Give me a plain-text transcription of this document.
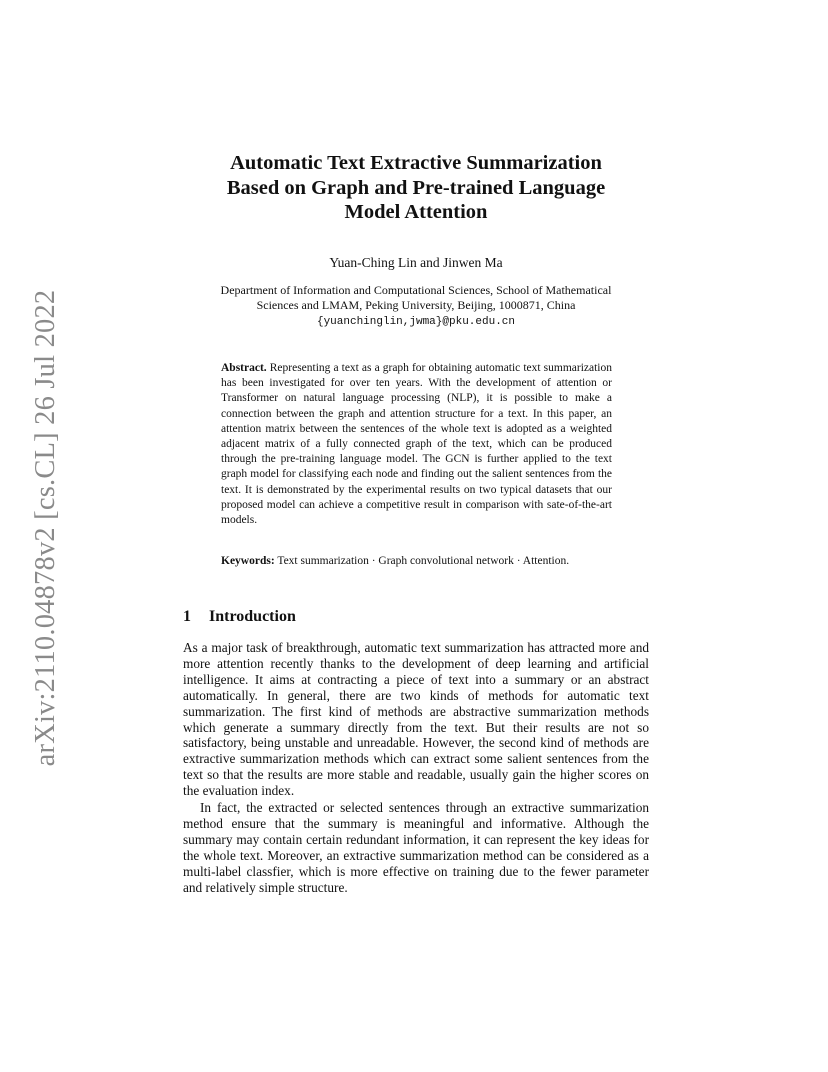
arXiv:2110.04878v2 [cs.CL] 26 Jul 2022
Automatic Text Extractive Summarization
Based on Graph and Pre-trained Language
Model Attention
Yuan-Ching Lin and Jinwen Ma
Department of Information and Computational Sciences, School of Mathematical
Sciences and LMAM, Peking University, Beijing, 1000871, China
{yuanchinglin,jwma}@pku.edu.cn

Abstract. Representing a text as a graph for obtaining automatic text summarization has been investigated for over ten years. With the development of attention or Transformer on natural language processing (NLP), it is possible to make a connection between the graph and attention structure for a text. In this paper, an attention matrix between the sentences of the whole text is adopted as a weighted adjacent matrix of a fully connected graph of the text, which can be produced through the pre-training language model. The GCN is further applied to the text graph model for classifying each node and finding out the salient sentences from the text. It is demonstrated by the experimental results on two typical datasets that our proposed model can achieve a competitive result in comparison with sate-of-the-art models.

Keywords: Text summarization · Graph convolutional network · Attention.

1 Introduction

As a major task of breakthrough, automatic text summarization has attracted more and more attention recently thanks to the development of deep learning and artificial intelligence. It aims at contracting a piece of text into a summary or an abstract automatically. In general, there are two kinds of methods for automatic text summarization. The first kind of methods are abstractive summarization methods which generate a summary directly from the text. But their results are not so satisfactory, being unstable and unreadable. However, the second kind of methods are extractive summarization methods which can extract some salient sentences from the text so that the results are more stable and readable, usually gain the higher scores on the evaluation index.

In fact, the extracted or selected sentences through an extractive summarization method ensure that the summary is meaningful and informative. Although the summary may contain certain redundant information, it can represent the key ideas for the whole text. Moreover, an extractive summarization method can be considered as a multi-label classfier, which is more effective on training due to the fewer parameter and relatively simple structure.
